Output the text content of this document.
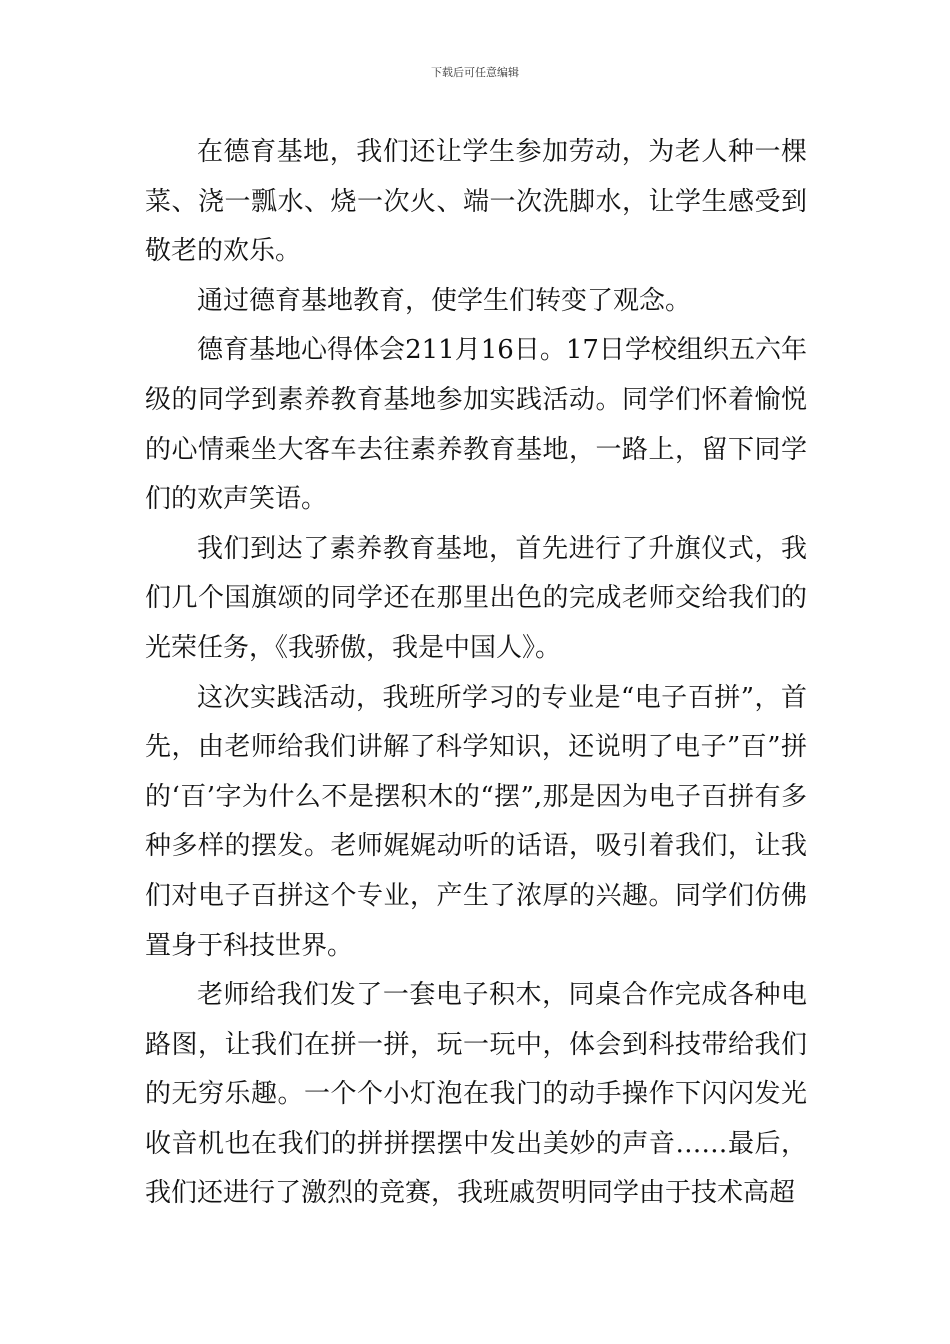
下载后可任意编辑

在德育基地，我们还让学生参加劳动，为老人种一棵菜、浇一瓢水、烧一次火、端一次洗脚水，让学生感受到敬老的欢乐。

通过德育基地教育，使学生们转变了观念。

德育基地心得体会211月16日。17日学校组织五六年级的同学到素养教育基地参加实践活动。同学们怀着愉悦的心情乘坐大客车去往素养教育基地，一路上，留下同学们的欢声笑语。

我们到达了素养教育基地，首先进行了升旗仪式，我们几个国旗颂的同学还在那里出色的完成老师交给我们的光荣任务，《我骄傲，我是中国人》。

这次实践活动，我班所学习的专业是“电子百拼”，首先，由老师给我们讲解了科学知识，还说明了电子”百”拼的‘百’字为什么不是摆积木的“摆”,那是因为电子百拼有多种多样的摆发。老师娓娓动听的话语，吸引着我们，让我们对电子百拼这个专业，产生了浓厚的兴趣。同学们仿佛置身于科技世界。

老师给我们发了一套电子积木，同桌合作完成各种电路图，让我们在拼一拼，玩一玩中，体会到科技带给我们的无穷乐趣。一个个小灯泡在我门的动手操作下闪闪发光收音机也在我们的拼拼摆摆中发出美妙的声音……最后，我们还进行了激烈的竞赛，我班戚贺明同学由于技术高超
